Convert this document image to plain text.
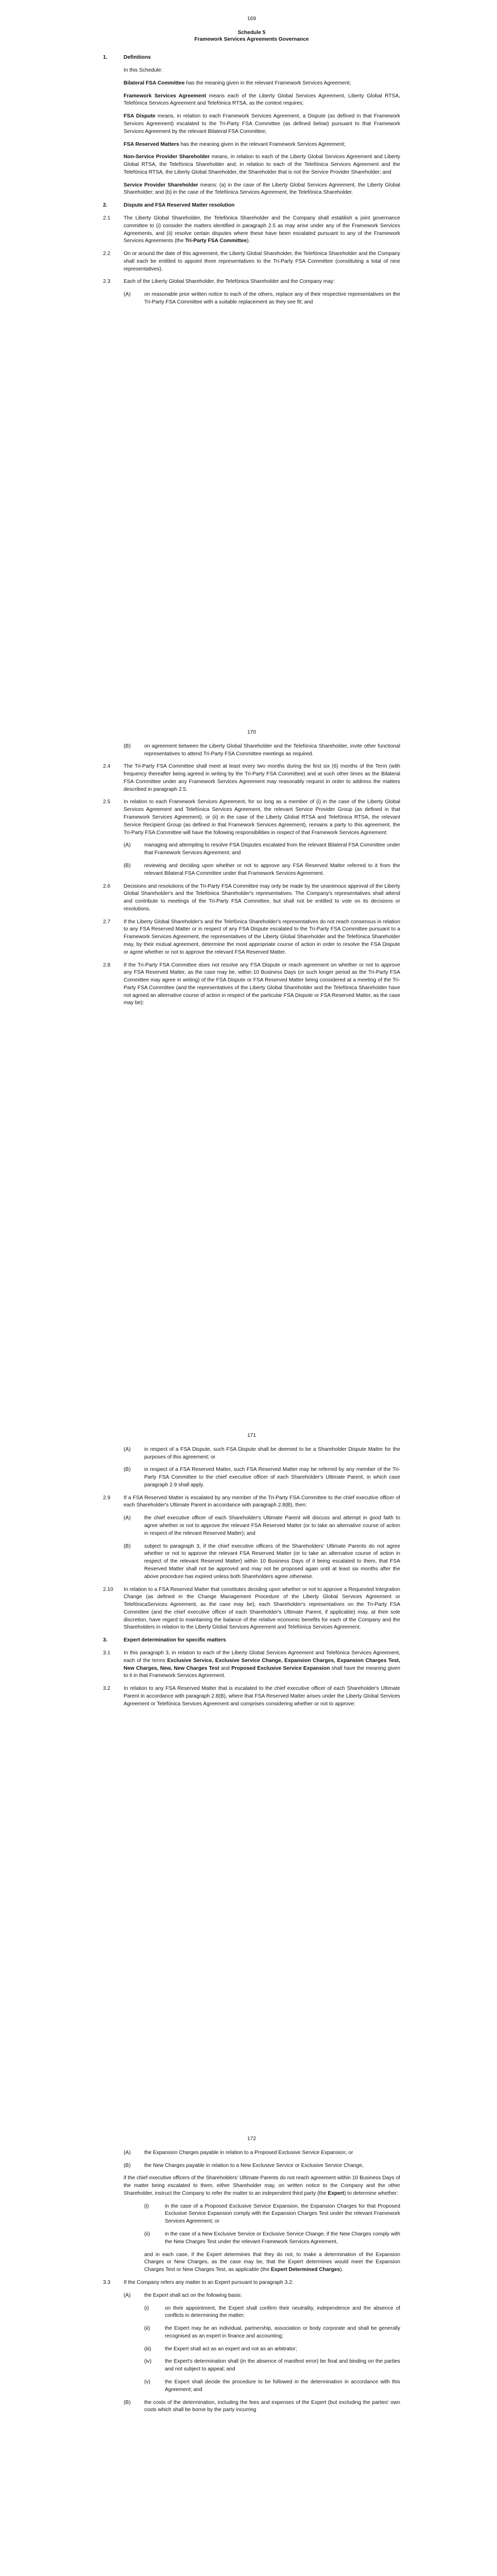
169
Schedule 5
Framework Services Agreements Governance
1.	Definitions
In this Schedule:
Bilateral FSA Committee has the meaning given in the relevant Framework Services Agreement;
Framework Services Agreement means each of the Liberty Global Services Agreement, Liberty Global RTSA, Telefónica Services Agreement and Telefónica RTSA, as the context requires;
FSA Dispute means, in relation to each Framework Services Agreement, a Dispute (as defined in that Framework Services Agreement) escalated to the Tri-Party FSA Committee (as defined below) pursuant to that Framework Services Agreement by the relevant Bilateral FSA Committee;
FSA Reserved Matters has the meaning given in the relevant Framework Services Agreement;
Non-Service Provider Shareholder means, in relation to each of the Liberty Global Services Agreement and Liberty Global RTSA, the Telefónica Shareholder and, in relation to each of the Telefónica Services Agreement and the Telefónica RTSA, the Liberty Global Shareholder, the Shareholder that is not the Service Provider Shareholder; and
Service Provider Shareholder means: (a) in the case of the Liberty Global Services Agreement, the Liberty Global Shareholder; and (b) in the case of the Telefónica Services Agreement, the Telefónica Shareholder.
2.	Dispute and FSA Reserved Matter resolution
2.1	The Liberty Global Shareholder, the Telefónica Shareholder and the Company shall establish a joint governance committee to (i) consider the matters identified in paragraph 2.5 as may arise under any of the Framework Services Agreements, and (ii) resolve certain disputes where these have been escalated pursuant to any of the Framework Services Agreements (the Tri-Party FSA Committee).
2.2	On or around the date of this agreement, the Liberty Global Shareholder, the Telefónica Shareholder and the Company shall each be entitled to appoint three representatives to the Tri-Party FSA Committee (constituting a total of nine representatives).
2.3	Each of the Liberty Global Shareholder, the Telefónica Shareholder and the Company may:
(A)	on reasonable prior written notice to each of the others, replace any of their respective representatives on the Tri-Party FSA Committee with a suitable replacement as they see fit; and
170
(B)	on agreement between the Liberty Global Shareholder and the Telefónica Shareholder, invite other functional representatives to attend Tri-Party FSA Committee meetings as required.
2.4	The Tri-Party FSA Committee shall meet at least every two months during the first six (6) months of the Term (with frequency thereafter being agreed in writing by the Tri-Party FSA Committee) and at such other times as the Bilateral FSA Committee under any Framework Services Agreement may reasonably request in order to address the matters described in paragraph 2.5.
2.5	In relation to each Framework Services Agreement, for so long as a member of (i) in the case of the Liberty Global Services Agreement and Telefónica Services Agreement, the relevant Service Provider Group (as defined in that Framework Services Agreement), or (ii) in the case of the Liberty Global RTSA and Telefónica RTSA, the relevant Service Recipient Group (as defined in that Framework Services Agreement), remains a party to this agreement, the Tri-Party FSA Committee will have the following responsibilities in respect of that Framework Services Agreement:
(A)	managing and attempting to resolve FSA Disputes escalated from the relevant Bilateral FSA Committee under that Framework Services Agreement; and
(B)	reviewing and deciding upon whether or not to approve any FSA Reserved Matter referred to it from the relevant Bilateral FSA Committee under that Framework Services Agreement.
2.6	Decisions and resolutions of the Tri-Party FSA Committee may only be made by the unanimous approval of the Liberty Global Shareholder's and the Telefónica Shareholder's representatives. The Company's representatives shall attend and contribute to meetings of the Tri-Party FSA Committee, but shall not be entitled to vote on its decisions or resolutions.
2.7	If the Liberty Global Shareholder's and the Telefónica Shareholder's representatives do not reach consensus in relation to any FSA Reserved Matter or in respect of any FSA Dispute escalated to the Tri-Party FSA Committee pursuant to a Framework Services Agreement, the representatives of the Liberty Global Shareholder and the Telefónica Shareholder may, by their mutual agreement, determine the most appropriate course of action in order to resolve the FSA Dispute or agree whether or not to approve the relevant FSA Reserved Matter.
2.8	If the Tri-Party FSA Committee does not resolve any FSA Dispute or reach agreement on whether or not to approve any FSA Reserved Matter, as the case may be, within 10 Business Days (or such longer period as the Tri-Party FSA Committee may agree in writing) of the FSA Dispute or FSA Reserved Matter being considered at a meeting of the Tri-Party FSA Committee (and the representatives of the Liberty Global Shareholder and the Telefónica Shareholder have not agreed an alternative course of action in respect of the particular FSA Dispute or FSA Reserved Matter, as the case may be):
171
(A)	in respect of a FSA Dispute, such FSA Dispute shall be deemed to be a Shareholder Dispute Matter for the purposes of this agreement; or
(B)	in respect of a FSA Reserved Matter, such FSA Reserved Matter may be referred by any member of the Tri-Party FSA Committee to the chief executive officer of each Shareholder's Ultimate Parent, in which case paragraph 2.9 shall apply.
2.9	If a FSA Reserved Matter is escalated by any member of the Tri-Party FSA Committee to the chief executive officer of each Shareholder's Ultimate Parent in accordance with paragraph 2.8(B), then:
(A)	the chief executive officer of each Shareholder's Ultimate Parent will discuss and attempt in good faith to agree whether or not to approve the relevant FSA Reserved Matter (or to take an alternative course of action in respect of the relevant Reserved Matter); and
(B)	subject to paragraph 3, if the chief executive officers of the Shareholders' Ultimate Parents do not agree whether or not to approve the relevant FSA Reserved Matter (or to take an alternative course of action in respect of the relevant Reserved Matter) within 10 Business Days of it being escalated to them, that FSA Reserved Matter shall not be approved and may not be proposed again until at least six months after the above procedure has expired unless both Shareholders agree otherwise.
2.10	In relation to a FSA Reserved Matter that constitutes deciding upon whether or not to approve a Requested Integration Change (as defined in the Change Management Procedure of the Liberty Global Services Agreement or TelefónicaServices Agreement, as the case may be), each Shareholder's representatives on the Tri-Party FSA Committee (and the chief executive officer of each Shareholder's Ultimate Parent, if applicable) may, at their sole discretion, have regard to maintaining the balance of the relative economic benefits for each of the Company and the Shareholders in relation to the Liberty Global Services Agreement and Telefónica Services Agreement.
3.	Expert determination for specific matters
3.1	In this paragraph 3, in relation to each of the Liberty Global Services Agreement and Telefónica Services Agreement, each of the terms Exclusive Service, Exclusive Service Change, Expansion Charges, Expansion Charges Test, New Charges, New, New Charges Test and Proposed Exclusive Service Expansion shall have the meaning given to it in that Framework Services Agreement.
3.2	In relation to any FSA Reserved Matter that is escalated to the chief executive officer of each Shareholder's Ultimate Parent in accordance with paragraph 2.8(B), where that FSA Reserved Matter arises under the Liberty Global Services Agreement or Telefónica Services Agreement and comprises considering whether or not to approve:
172
(A)	the Expansion Charges payable in relation to a Proposed Exclusive Service Expansion; or
(B)	the New Charges payable in relation to a New Exclusive Service or Exclusive Service Change,
if the chief executive officers of the Shareholders' Ultimate Parents do not reach agreement within 10 Business Days of the matter being escalated to them, either Shareholder may, on written notice to the Company and the other Shareholder, instruct the Company to refer the matter to an independent third party (the Expert) to determine whether:
(i)	in the case of a Proposed Exclusive Service Expansion, the Expansion Charges for that Proposed Exclusive Service Expansion comply with the Expansion Charges Test under the relevant Framework Services Agreement; or
(ii)	in the case of a New Exclusive Service or Exclusive Service Change, if the New Charges comply with the New Charges Test under the relevant Framework Services Agreement,
and in each case, if the Expert determines that they do not, to make a determination of the Expansion Charges or New Charges, as the case may be, that the Expert determines would meet the Expansion Charges Test or New Charges Test, as applicable (the Expert Determined Charges).
3.3	If the Company refers any matter to an Expert pursuant to paragraph 3.2:
(A)	the Expert shall act on the following basis:
(i)	on their appointment, the Expert shall confirm their neutrality, independence and the absence of conflicts in determining the matter;
(ii)	the Expert may be an individual, partnership, association or body corporate and shall be generally recognised as an expert in finance and accounting;
(iii)	the Expert shall act as an expert and not as an arbitrator;
(iv)	the Expert's determination shall (in the absence of manifest error) be final and binding on the parties and not subject to appeal; and
(v)	the Expert shall decide the procedure to be followed in the determination in accordance with this Agreement; and
(B)	the costs of the determination, including the fees and expenses of the Expert (but excluding the parties' own costs which shall be borne by the party incurring
